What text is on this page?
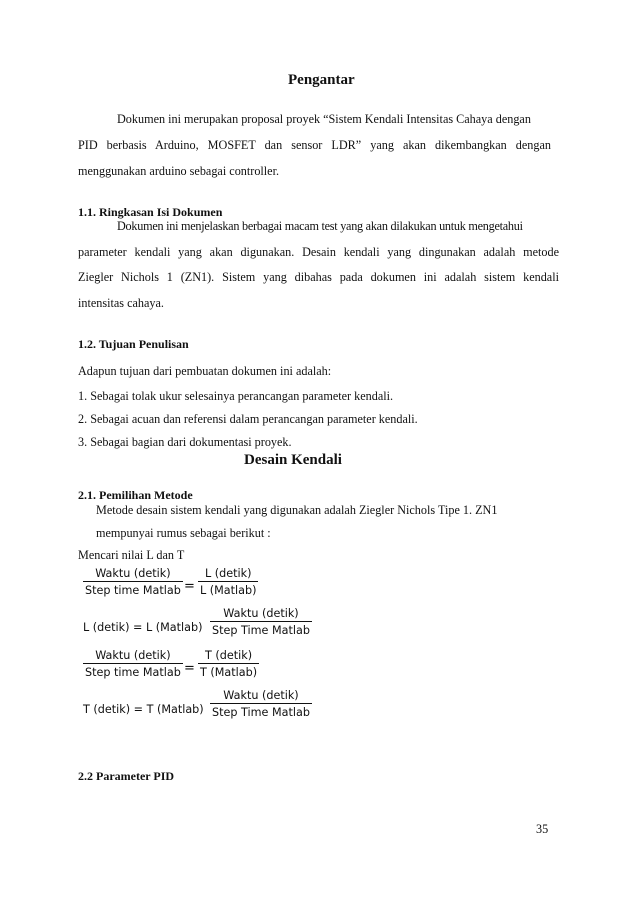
Pengantar
Dokumen ini merupakan proposal proyek “Sistem Kendali Intensitas Cahaya dengan
PID berbasis Arduino, MOSFET dan sensor LDR” yang akan dikembangkan dengan
menggunakan arduino sebagai controller.
1.1. Ringkasan Isi Dokumen
Dokumen ini menjelaskan berbagai macam test yang akan dilakukan untuk mengetahui
parameter kendali yang akan digunakan. Desain kendali yang dingunakan adalah metode
Ziegler Nichols 1 (ZN1). Sistem yang dibahas pada dokumen ini adalah sistem kendali
intensitas cahaya.
1.2. Tujuan Penulisan
Adapun tujuan dari pembuatan dokumen ini adalah:
1. Sebagai tolak ukur selesainya perancangan parameter kendali.
2. Sebagai acuan dan referensi dalam perancangan parameter kendali.
3. Sebagai bagian dari dokumentasi proyek.
Desain Kendali
2.1. Pemilihan Metode
Metode desain sistem kendali yang digunakan adalah Ziegler Nichols Tipe 1. ZN1
mempunyai rumus sebagai berikut :
Mencari nilai L dan T
Waktu (detik)
Step time Matlab =
L (detik)
L (Matlab)
L (detik) = L (Matlab)
Waktu (detik)
Step Time Matlab
Waktu (detik)
Step time Matlab =
T (detik)
T (Matlab)
T (detik) = T (Matlab)
Waktu (detik)
Step Time Matlab
2.2 Parameter PID
35
